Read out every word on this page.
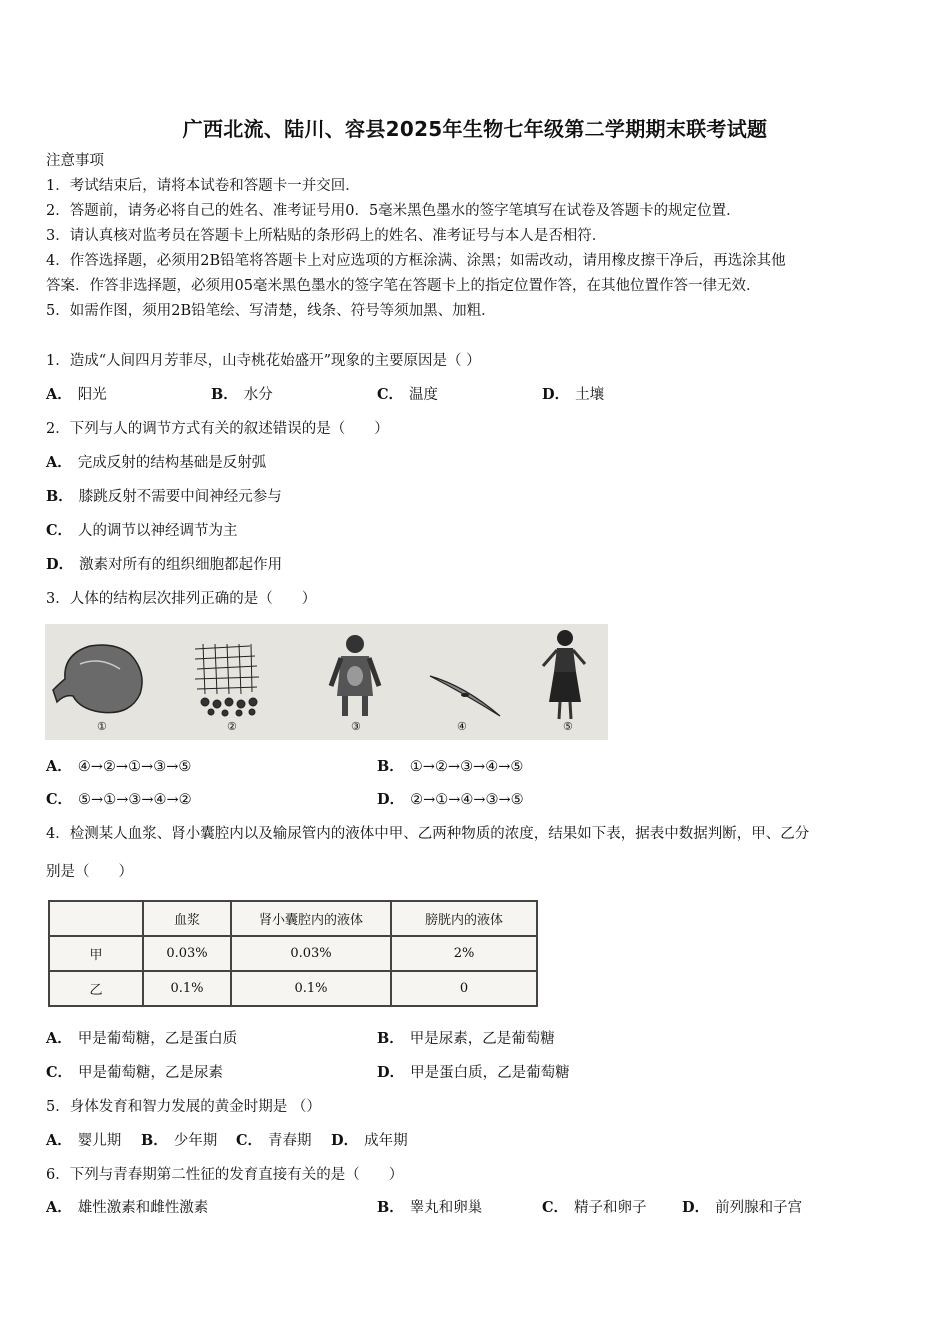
广西北流、陆川、容县2025年生物七年级第二学期期末联考试题
注意事项
1．考试结束后，请将本试卷和答题卡一并交回．
2．答题前，请务必将自己的姓名、准考证号用0．5毫米黑色墨水的签字笔填写在试卷及答题卡的规定位置．
3．请认真核对监考员在答题卡上所粘贴的条形码上的姓名、准考证号与本人是否相符．
4．作答选择题，必须用2B铅笔将答题卡上对应选项的方框涂满、涂黑；如需改动，请用橡皮擦干净后，再选涂其他
答案．作答非选择题，必须用05毫米黑色墨水的签字笔在答题卡上的指定位置作答，在其他位置作答一律无效．
5．如需作图，须用2B铅笔绘、写清楚，线条、符号等须加黑、加粗．
1．造成“人间四月芳菲尽，山寺桃花始盛开”现象的主要原因是（ ）
A． 阳光	B． 水分	C． 温度	D． 土壤
2．下列与人的调节方式有关的叙述错误的是（　　）
A． 完成反射的结构基础是反射弧
B． 膝跳反射不需要中间神经元参与
C． 人的调节以神经调节为主
D． 激素对所有的组织细胞都起作用
3．人体的结构层次排列正确的是（　　）
①	②	③	④	⑤
A． ④→②→①→③→⑤	B． ①→②→③→④→⑤
C． ⑤→①→③→④→②	D． ②→①→④→③→⑤
4．检测某人血浆、肾小囊腔内以及输尿管内的液体中甲、乙两种物质的浓度，结果如下表，据表中数据判断，甲、乙分
别是（　　）
	血浆	肾小囊腔内的液体	膀胱内的液体
甲	0.03%	0.03%	2%
乙	0.1%	0.1%	0
A． 甲是葡萄糖，乙是蛋白质	B． 甲是尿素，乙是葡萄糖
C． 甲是葡萄糖，乙是尿素	D． 甲是蛋白质，乙是葡萄糖
5．身体发育和智力发展的黄金时期是 （）
A． 婴儿期 B． 少年期 C． 青春期 D． 成年期
6．下列与青春期第二性征的发育直接有关的是（　　）
A． 雄性激素和雌性激素	B． 睾丸和卵巢	C． 精子和卵子 D． 前列腺和子宫
